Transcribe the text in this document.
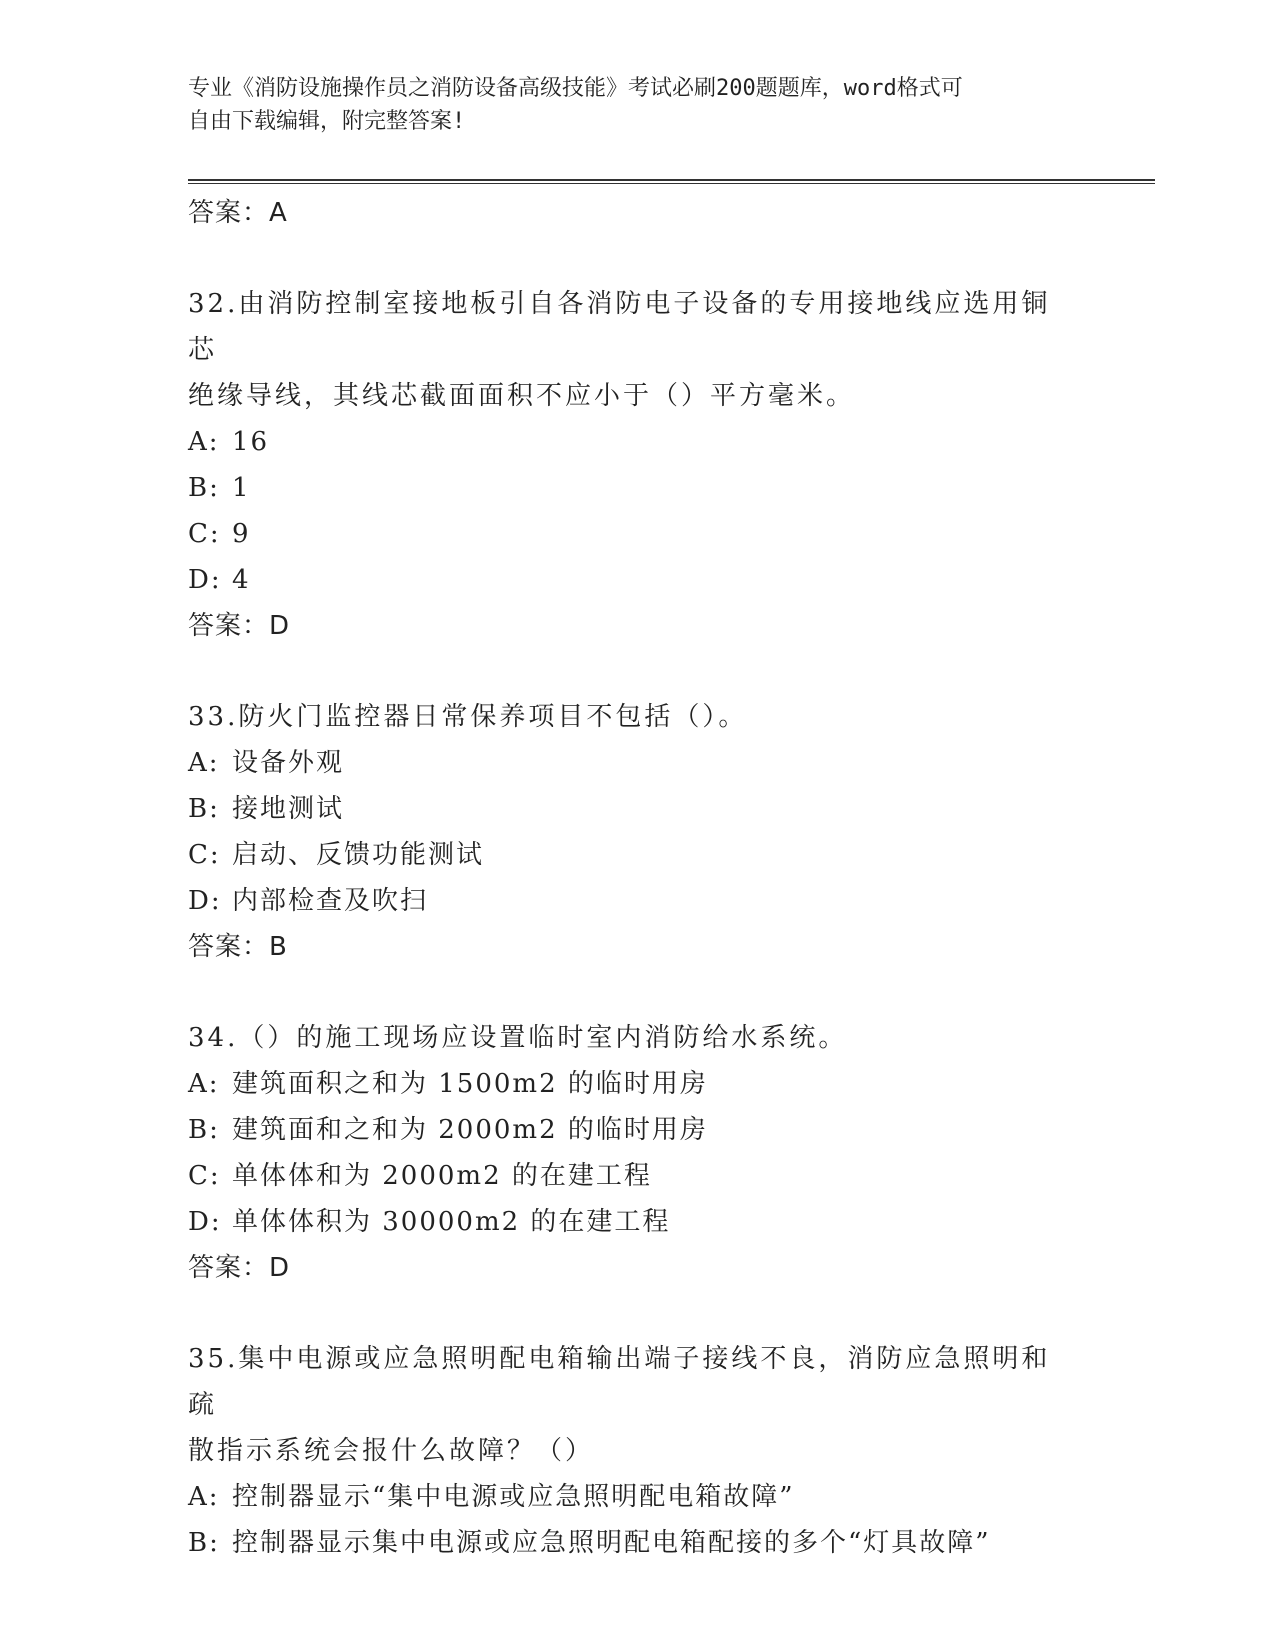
专业《消防设施操作员之消防设备高级技能》考试必刷200题题库，word格式可
自由下载编辑，附完整答案!
答案：A
32.由消防控制室接地板引自各消防电子设备的专用接地线应选用铜芯
绝缘导线，其线芯截面面积不应小于（）平方毫米。
A: 16
B: 1
C: 9
D: 4
答案：D
33.防火门监控器日常保养项目不包括（）。
A: 设备外观
B: 接地测试
C: 启动、反馈功能测试
D: 内部检查及吹扫
答案：B
34.（）的施工现场应设置临时室内消防给水系统。
A: 建筑面积之和为 1500m2 的临时用房
B: 建筑面和之和为 2000m2 的临时用房
C: 单体体和为 2000m2 的在建工程
D: 单体体积为 30000m2 的在建工程
答案：D
35.集中电源或应急照明配电箱输出端子接线不良，消防应急照明和疏
散指示系统会报什么故障？（）
A: 控制器显示“集中电源或应急照明配电箱故障”
B: 控制器显示集中电源或应急照明配电箱配接的多个“灯具故障”
